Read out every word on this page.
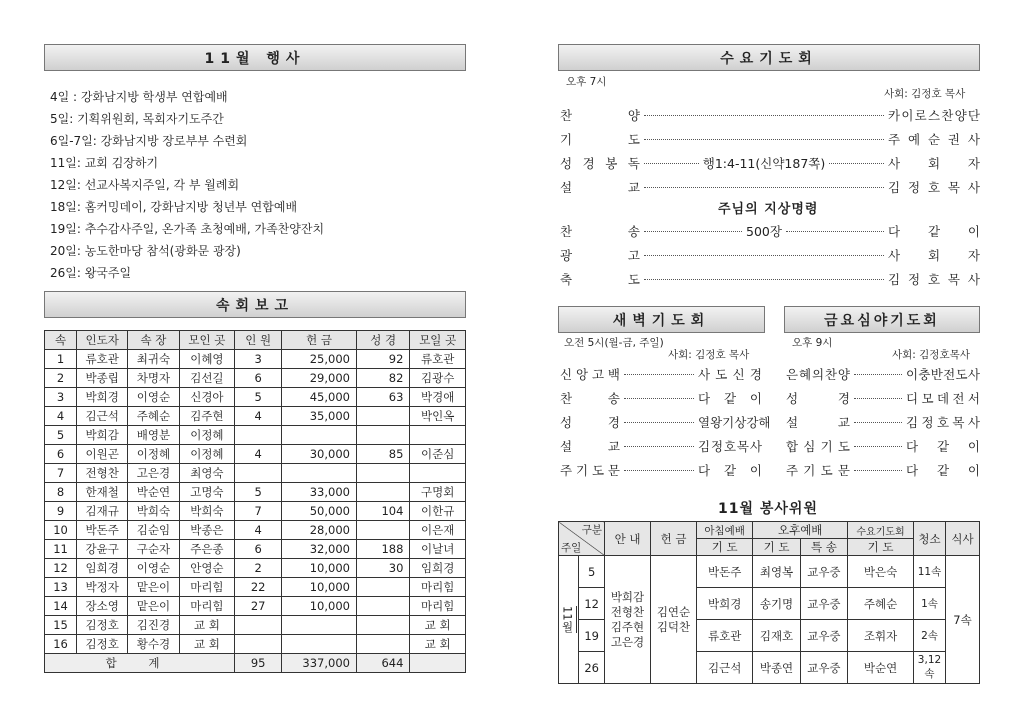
11월 행사
4일 : 강화남지방 학생부 연합예배
5일: 기획위원회, 목회자기도주간
6일-7일: 강화남지방 장로부부 수련회
11일: 교회 김장하기
12일: 선교사복지주일, 각 부 월례회
18일: 홈커밍데이, 강화남지방 청년부 연합예배
19일: 추수감사주일, 온가족 초청예배, 가족찬양잔치
20일: 농도한마당 참석(광화문 광장)
26일: 왕국주일
속회보고
속	인도자	속 장	모인 곳	인 원	헌 금	성 경	모일 곳
1	류호관	최귀숙	이혜영	3	25,000	92	류호관
2	박종립	차명자	김선길	6	29,000	82	김광수
3	박희경	이영순	신경아	5	45,000	63	박경애
4	김근석	주혜순	김주현	4	35,000		박인옥
5	박희감	배영분	이정혜				
6	이원곤	이정혜	이정혜	4	30,000	85	이준심
7	전형찬	고은경	최영숙				
8	한재철	박순연	고명숙	5	33,000		구명회
9	김재규	박희숙	박희숙	7	50,000	104	이한규
10	박돈주	김순임	박종은	4	28,000		이은재
11	강윤구	구순자	주은종	6	32,000	188	이날녀
12	임희경	이영순	안영순	2	10,000	30	임희경
13	박정자	맡은이	마리힘	22	10,000		마리힘
14	장소영	맡은이	마리힘	27	10,000		마리힘
15	김정호	김진경	교 회				교 회
16	김정호	황수경	교 회				교 회
합 계				95	337,000	644	
수요기도회
오후 7시
사회: 김정호 목사
찬	양	카 이 로 스 찬 양 단
기	도	주 예 순 권 사
성 경 봉 독	행1:4-11(신약187쪽)	사 회 자
설	교	김 정 호 목 사
주님의 지상명령
찬	송	500장	다 같 이
광	고	사 회 자
축	도	김 정 호 목 사
새벽기도회
오전 5시(월-금, 주일)
사회: 김정호 목사
신 앙 고 백	사 도 신 경
찬	송	다 같 이
성	경	열 왕 기 상 강 해
설	교	김 정 호 목 사
주 기 도 문	다 같 이
금요심야기도회
오후 9시
사회: 김정호목사
은 혜 의 찬 양	이 충 반 전 도 사
성	경	디 모 데 전 서
설	교	김 정 호 목 사
합 심 기 도	다 같 이
주 기 도 문	다 같 이
11월 봉사위원
구분
주일		안 내	헌 금	아침예배	오후예배		수요기도회	청소	식사
				기 도	기 도	특 송	기 도		

11월	5	박희감 전형찬 김주현 고은경	김연순 김덕찬	박돈주	최영복	교우중	박은숙	11속	7속
	12			박희경	송기명	교우중	주혜순	1속	
	19			류호관	김재호	교우중	조휘자	2속	
	26			김근석	박종연	교우중	박순연	3,12속	
